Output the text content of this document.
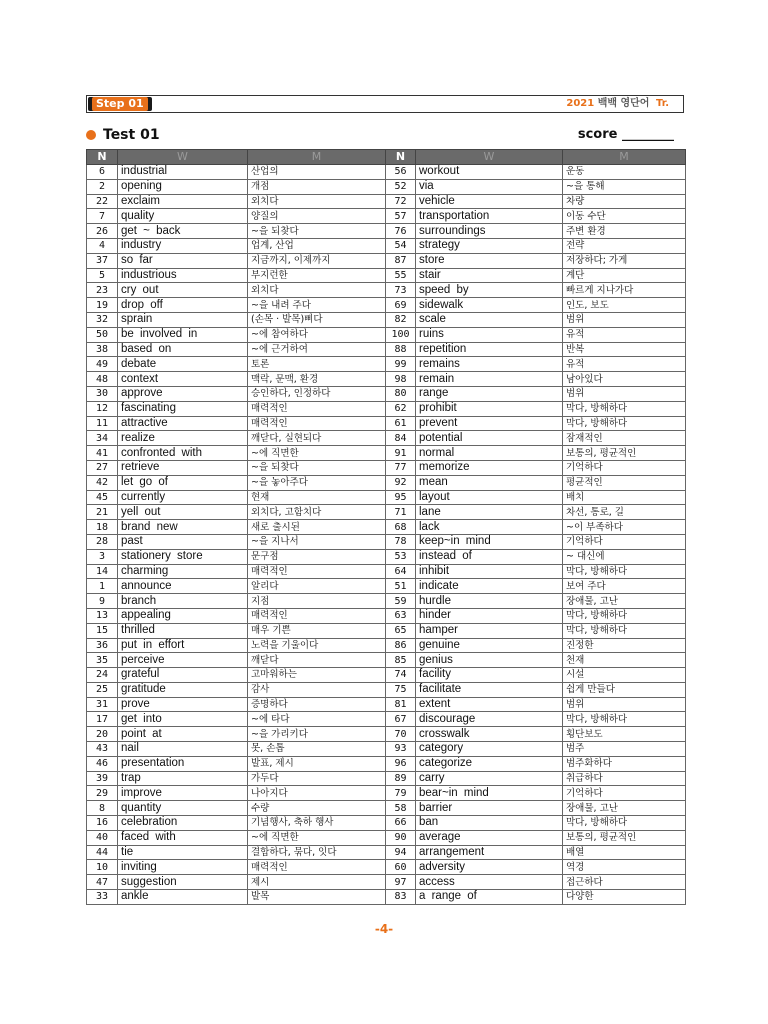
Step 01	2021 백백 영단어 Tr.
Test 01	score ________
N	W	M	N	W	M
6	industrial	산업의	56	workout	운동
2	opening	개점	52	via	~을 통해
22	exclaim	외치다	72	vehicle	차량
7	quality	양질의	57	transportation	이동 수단
26	get ~ back	~을 되찾다	76	surroundings	주변 환경
4	industry	업계, 산업	54	strategy	전략
37	so far	지금까지, 이제까지	87	store	저장하다; 가게
5	industrious	부지런한	55	stair	계단
23	cry out	외치다	73	speed by	빠르게 지나가다
19	drop off	~을 내려 주다	69	sidewalk	인도, 보도
32	sprain	(손목 · 발목)삐다	82	scale	범위
50	be involved in	~에 참여하다	100	ruins	유적
38	based on	~에 근거하여	88	repetition	반복
49	debate	토론	99	remains	유적
48	context	맥락, 문맥, 환경	98	remain	남아있다
30	approve	승인하다, 인정하다	80	range	범위
12	fascinating	매력적인	62	prohibit	막다, 방해하다
11	attractive	매력적인	61	prevent	막다, 방해하다
34	realize	깨닫다, 실현되다	84	potential	잠재적인
41	confronted with	~에 직면한	91	normal	보통의, 평균적인
27	retrieve	~을 되찾다	77	memorize	기억하다
42	let go of	~을 놓아주다	92	mean	평균적인
45	currently	현재	95	layout	배치
21	yell out	외치다, 고함치다	71	lane	차선, 통로, 길
18	brand new	새로 출시된	68	lack	~이 부족하다
28	past	~을 지나서	78	keep~in mind	기억하다
3	stationery store	문구점	53	instead of	~ 대신에
14	charming	매력적인	64	inhibit	막다, 방해하다
1	announce	알리다	51	indicate	보여 주다
9	branch	지점	59	hurdle	장애물, 고난
13	appealing	매력적인	63	hinder	막다, 방해하다
15	thrilled	매우 기쁜	65	hamper	막다, 방해하다
36	put in effort	노력을 기울이다	86	genuine	진정한
35	perceive	깨닫다	85	genius	천재
24	grateful	고마워하는	74	facility	시설
25	gratitude	감사	75	facilitate	쉽게 만들다
31	prove	증명하다	81	extent	범위
17	get into	~에 타다	67	discourage	막다, 방해하다
20	point at	~을 가리키다	70	crosswalk	횡단보도
43	nail	못, 손톱	93	category	범주
46	presentation	발표, 제시	96	categorize	범주화하다
39	trap	가두다	89	carry	취급하다
29	improve	나아지다	79	bear~in mind	기억하다
8	quantity	수량	58	barrier	장애물, 고난
16	celebration	기념행사, 축하 행사	66	ban	막다, 방해하다
40	faced with	~에 직면한	90	average	보통의, 평균적인
44	tie	결합하다, 묶다, 잇다	94	arrangement	배열
10	inviting	매력적인	60	adversity	역경
47	suggestion	제시	97	access	접근하다
33	ankle	발목	83	a range of	다양한
-4-
